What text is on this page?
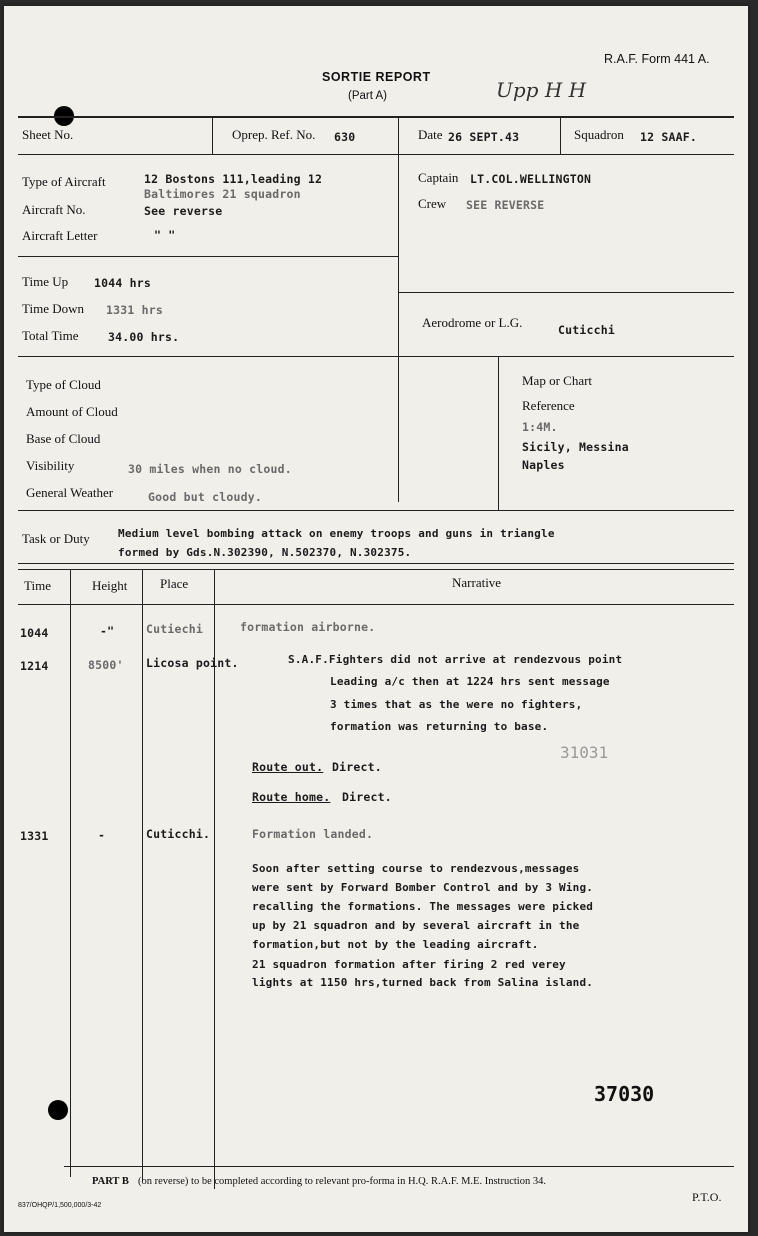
R.A.F. Form 441 A.
SORTIE REPORT
(Part A)	Upp H H
Sheet No.	Oprep. Ref. No. 630	Date 26 SEPT.43	Squadron 12 SAAF.
Type of Aircraft	12 Bostons 111,leading 12
Baltimores 21 squadron
Aircraft No.	See reverse
Aircraft Letter	" "
Captain LT.COL.WELLINGTON
Crew SEE REVERSE
Time Up 1044 hrs
Time Down 1331 hrs
Total Time	34.00 hrs.
Aerodrome or L.G.	Cuticchi
Type of Cloud
Amount of Cloud
Base of Cloud
Visibility	30 miles when no cloud.
General Weather	Good but cloudy.
Map or Chart
Reference
1:4M.
Sicily, Messina
Naples
Task or Duty	Medium level bombing attack on enemy troops and guns in triangle
formed by Gds.N.302390, N.502370, N.302375.
Time	Height	Place	Narrative
1044	-"	Cutiechi	formation airborne.
1214	8500' Licosa point.	S.A.F.Fighters did not arrive at rendezvous point
Leading a/c then at 1224 hrs sent message
3 times that as the were no fighters,
formation was returning to base.
31031
Route out. Direct.
Route home. Direct.
1331	-	Cuticchi.	Formation landed.
Soon after setting course to rendezvous,messages
were sent by Forward Bomber Control and by 3 Wing.
recalling the formations. The messages were picked
up by 21 squadron and by several aircraft in the
formation,but not by the leading aircraft.
21 squadron formation after firing 2 red verey
lights at 1150 hrs,turned back from Salina island.
37030
PART B (on reverse) to be completed according to relevant pro-forma in H.Q. R.A.F. M.E. Instruction 34.
P.T.O.
837/OHQP/1,500,000/3-42
